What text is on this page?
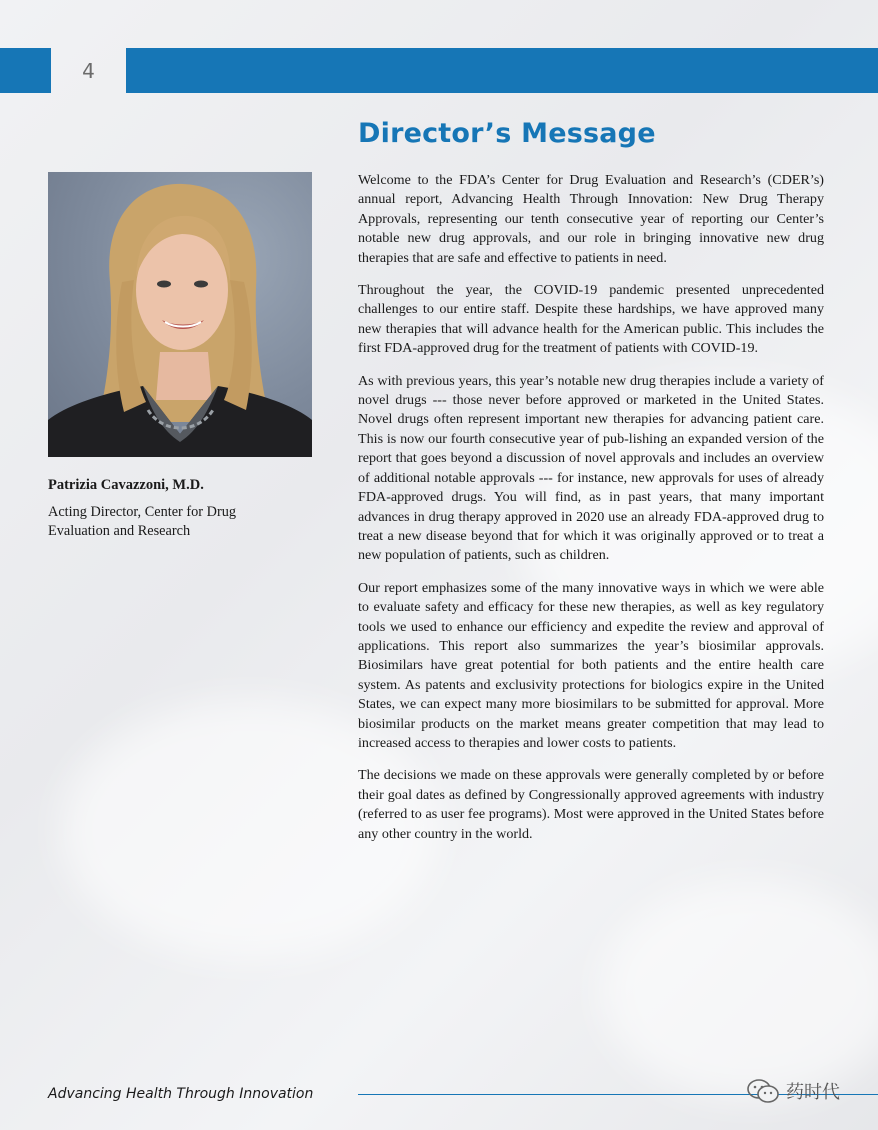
4
Director’s Message
Patrizia Cavazzoni, M.D.
Acting Director, Center for Drug Evaluation and Research

Welcome to the FDA’s Center for Drug Evaluation and Research’s (CDER’s) annual report, Advancing Health Through Innovation: New Drug Therapy Approvals, representing our tenth consecutive year of reporting our Center’s notable new drug approvals, and our role in bringing innovative new drug therapies that are safe and effective to patients in need.

Throughout the year, the COVID-19 pandemic presented unprecedented challenges to our entire staff. Despite these hardships, we have approved many new therapies that will advance health for the American public. This includes the first FDA-approved drug for the treatment of patients with COVID-19.

As with previous years, this year’s notable new drug therapies include a variety of novel drugs --- those never before approved or marketed in the United States. Novel drugs often represent important new therapies for advancing patient care. This is now our fourth consecutive year of pub-lishing an expanded version of the report that goes beyond a discussion of novel approvals and includes an overview of additional notable approvals --- for instance, new approvals for uses of already FDA-approved drugs. You will find, as in past years, that many important advances in drug therapy approved in 2020 use an already FDA-approved drug to treat a new disease beyond that for which it was originally approved or to treat a new population of patients, such as children.

Our report emphasizes some of the many innovative ways in which we were able to evaluate safety and efficacy for these new therapies, as well as key regulatory tools we used to enhance our efficiency and expedite the review and approval of applications. This report also summarizes the year’s biosimilar approvals. Biosimilars have great potential for both patients and the entire health care system. As patents and exclusivity protections for biologics expire in the United States, we can expect many more biosimilars to be submitted for approval. More biosimilar products on the market means greater competition that may lead to increased access to therapies and lower costs to patients.

The decisions we made on these approvals were generally completed by or before their goal dates as defined by Congressionally approved agreements with industry (referred to as user fee programs). Most were approved in the United States before any other country in the world.

Advancing Health Through Innovation	药时代
